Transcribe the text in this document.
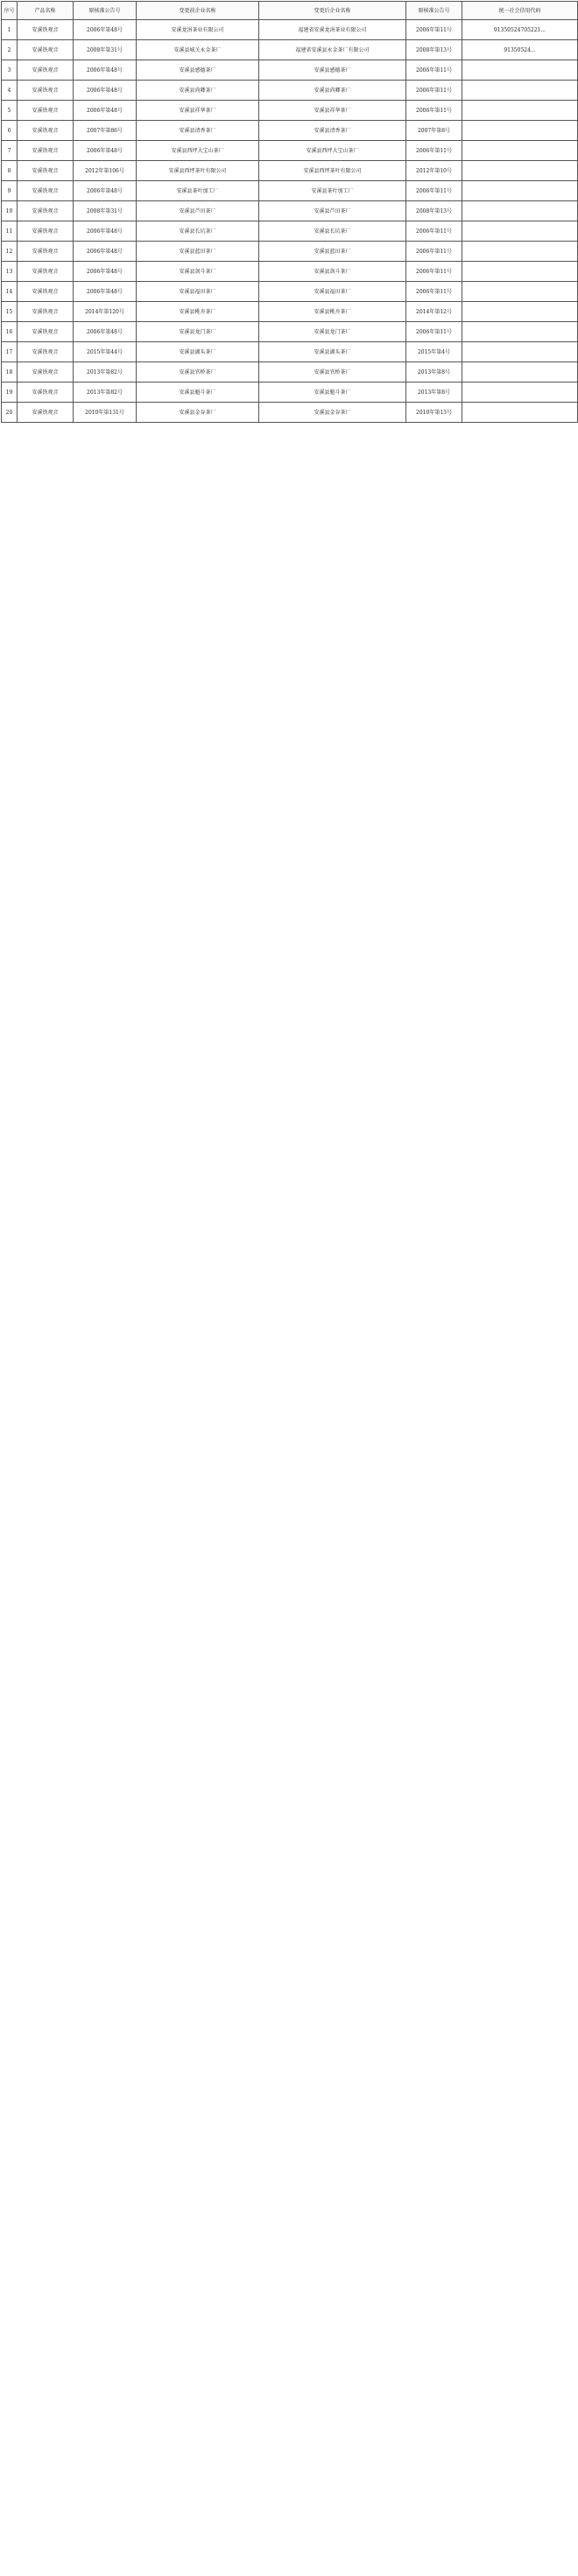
序号	产品名称	原核准公告号	变更前企业名称	变更后企业名称	原核准公告号	统一社会信用代码
1	安溪铁观音	2006年第48号	安溪龙涓茶业有限公司	福建省安溪龙涓茶业有限公司	2006年第11号	91350524705221...
2	安溪铁观音	2008年第31号	安溪县城关永金茶厂	福建省安溪县永金茶厂有限公司	2008年第13号	91350524...
3	安溪铁观音	2006年第48号	安溪县感德茶厂	安溪县感德茶厂	2006年第11号	
4	安溪铁观音	2006年第48号	安溪县尚卿茶厂	安溪县尚卿茶厂	2006年第11号	
5	安溪铁观音	2006年第48号	安溪县祥华茶厂	安溪县祥华茶厂	2006年第11号	
6	安溪铁观音	2007年第86号	安溪县清香茶厂	安溪县清香茶厂	2007年第8号	
7	安溪铁观音	2006年第48号	安溪县西坪大宝山茶厂	安溪县西坪大宝山茶厂	2006年第11号	
8	安溪铁观音	2012年第106号	安溪县西坪茶叶有限公司	安溪县西坪茶叶有限公司	2012年第10号	
9	安溪铁观音	2006年第48号	安溪县茶叶加工厂	安溪县茶叶加工厂	2006年第11号	
10	安溪铁观音	2008年第31号	安溪县芦田茶厂	安溪县芦田茶厂	2008年第13号	
11	安溪铁观音	2006年第48号	安溪县长坑茶厂	安溪县长坑茶厂	2006年第11号	
12	安溪铁观音	2006年第48号	安溪县蓝田茶厂	安溪县蓝田茶厂	2006年第11号	
13	安溪铁观音	2006年第48号	安溪县剑斗茶厂	安溪县剑斗茶厂	2006年第11号	
14	安溪铁观音	2006年第48号	安溪县福田茶厂	安溪县福田茶厂	2006年第11号	
15	安溪铁观音	2014年第120号	安溪县桃舟茶厂	安溪县桃舟茶厂	2014年第12号	
16	安溪铁观音	2006年第48号	安溪县龙门茶厂	安溪县龙门茶厂	2006年第11号	
17	安溪铁观音	2015年第44号	安溪县湖头茶厂	安溪县湖头茶厂	2015年第4号	
18	安溪铁观音	2013年第82号	安溪县官桥茶厂	安溪县官桥茶厂	2013年第8号	
19	安溪铁观音	2013年第82号	安溪县魁斗茶厂	安溪县魁斗茶厂	2013年第8号	
20	安溪铁观音	2010年第131号	安溪县金谷茶厂	安溪县金谷茶厂	2010年第13号	
